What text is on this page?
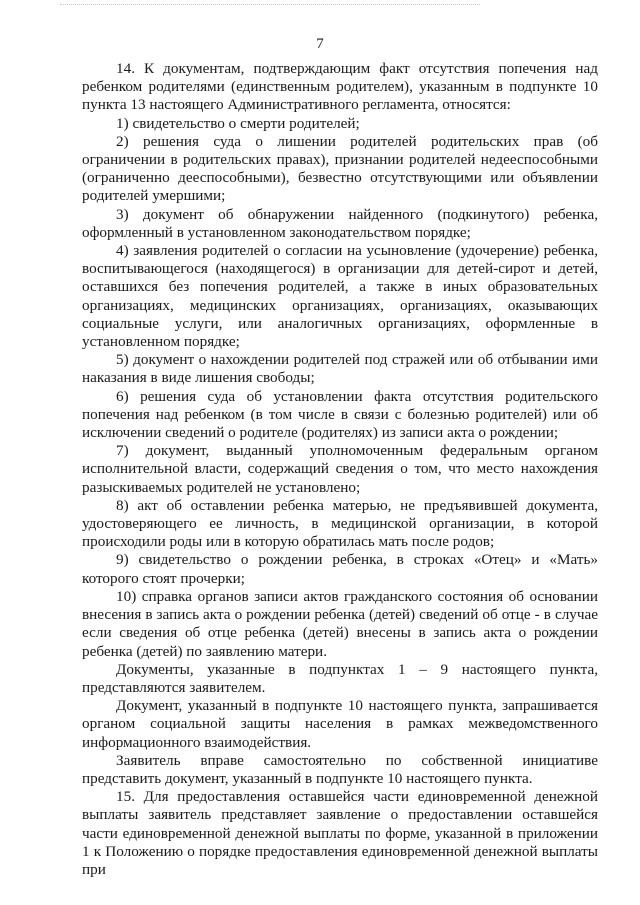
7

14. К документам, подтверждающим факт отсутствия попечения над ребенком родителями (единственным родителем), указанным в подпункте 10 пункта 13 настоящего Административного регламента, относятся:

1) свидетельство о смерти родителей;

2) решения суда о лишении родителей родительских прав (об ограничении в родительских правах), признании родителей недееспособными (ограниченно дееспособными), безвестно отсутствующими или объявлении родителей умершими;

3) документ об обнаружении найденного (подкинутого) ребенка, оформленный в установленном законодательством порядке;

4) заявления родителей о согласии на усыновление (удочерение) ребенка, воспитывающегося (находящегося) в организации для детей-сирот и детей, оставшихся без попечения родителей, а также в иных образовательных организациях, медицинских организациях, организациях, оказывающих социальные услуги, или аналогичных организациях, оформленные в установленном порядке;

5) документ о нахождении родителей под стражей или об отбывании ими наказания в виде лишения свободы;

6) решения суда об установлении факта отсутствия родительского попечения над ребенком (в том числе в связи с болезнью родителей) или об исключении сведений о родителе (родителях) из записи акта о рождении;

7) документ, выданный уполномоченным федеральным органом исполнительной власти, содержащий сведения о том, что место нахождения разыскиваемых родителей не установлено;

8) акт об оставлении ребенка матерью, не предъявившей документа, удостоверяющего ее личность, в медицинской организации, в которой происходили роды или в которую обратилась мать после родов;

9) свидетельство о рождении ребенка, в строках «Отец» и «Мать» которого стоят прочерки;

10) справка органов записи актов гражданского состояния об основании внесения в запись акта о рождении ребенка (детей) сведений об отце - в случае если сведения об отце ребенка (детей) внесены в запись акта о рождении ребенка (детей) по заявлению матери.

Документы, указанные в подпунктах 1 – 9 настоящего пункта, представляются заявителем.

Документ, указанный в подпункте 10 настоящего пункта, запрашивается органом социальной защиты населения в рамках межведомственного информационного взаимодействия.

Заявитель вправе самостоятельно по собственной инициативе представить документ, указанный в подпункте 10 настоящего пункта.

15. Для предоставления оставшейся части единовременной денежной выплаты заявитель представляет заявление о предоставлении оставшейся части единовременной денежной выплаты по форме, указанной в приложении 1 к Положению о порядке предоставления единовременной денежной выплаты при
